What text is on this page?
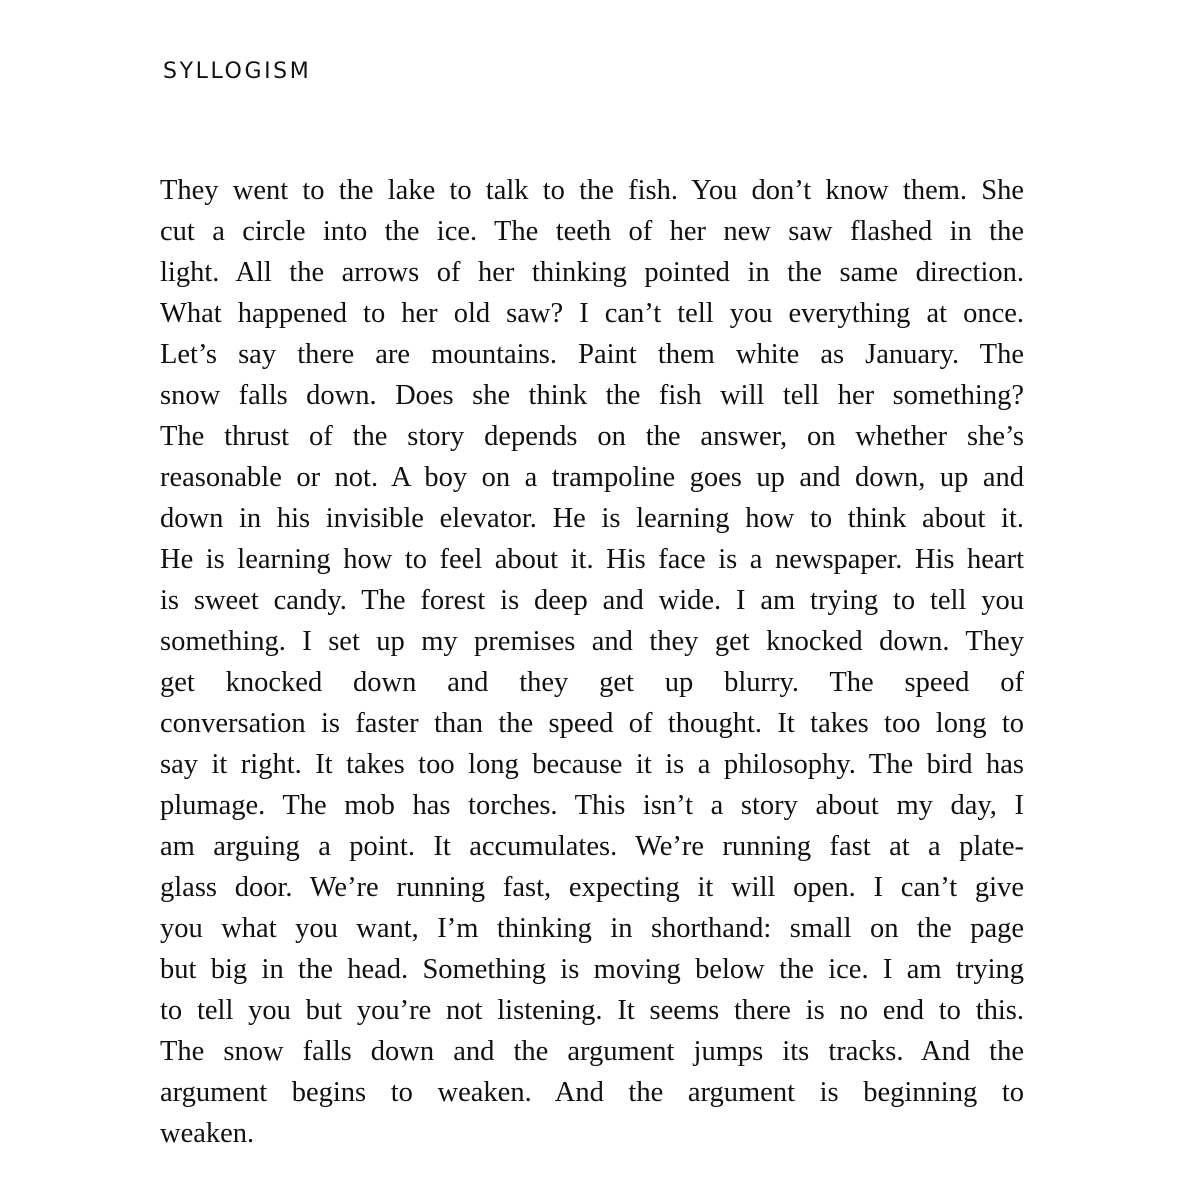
SYLLOGISM
They went to the lake to talk to the fish. You don’t know them. She
cut a circle into the ice. The teeth of her new saw flashed in the
light. All the arrows of her thinking pointed in the same direction.
What happened to her old saw? I can’t tell you everything at once.
Let’s say there are mountains. Paint them white as January. The
snow falls down. Does she think the fish will tell her something?
The thrust of the story depends on the answer, on whether she’s
reasonable or not. A boy on a trampoline goes up and down, up and
down in his invisible elevator. He is learning how to think about it.
He is learning how to feel about it. His face is a newspaper. His heart
is sweet candy. The forest is deep and wide. I am trying to tell you
something. I set up my premises and they get knocked down. They
get knocked down and they get up blurry. The speed of
conversation is faster than the speed of thought. It takes too long to
say it right. It takes too long because it is a philosophy. The bird has
plumage. The mob has torches. This isn’t a story about my day, I
am arguing a point. It accumulates. We’re running fast at a plate-
glass door. We’re running fast, expecting it will open. I can’t give
you what you want, I’m thinking in shorthand: small on the page
but big in the head. Something is moving below the ice. I am trying
to tell you but you’re not listening. It seems there is no end to this.
The snow falls down and the argument jumps its tracks. And the
argument begins to weaken. And the argument is beginning to
weaken.
